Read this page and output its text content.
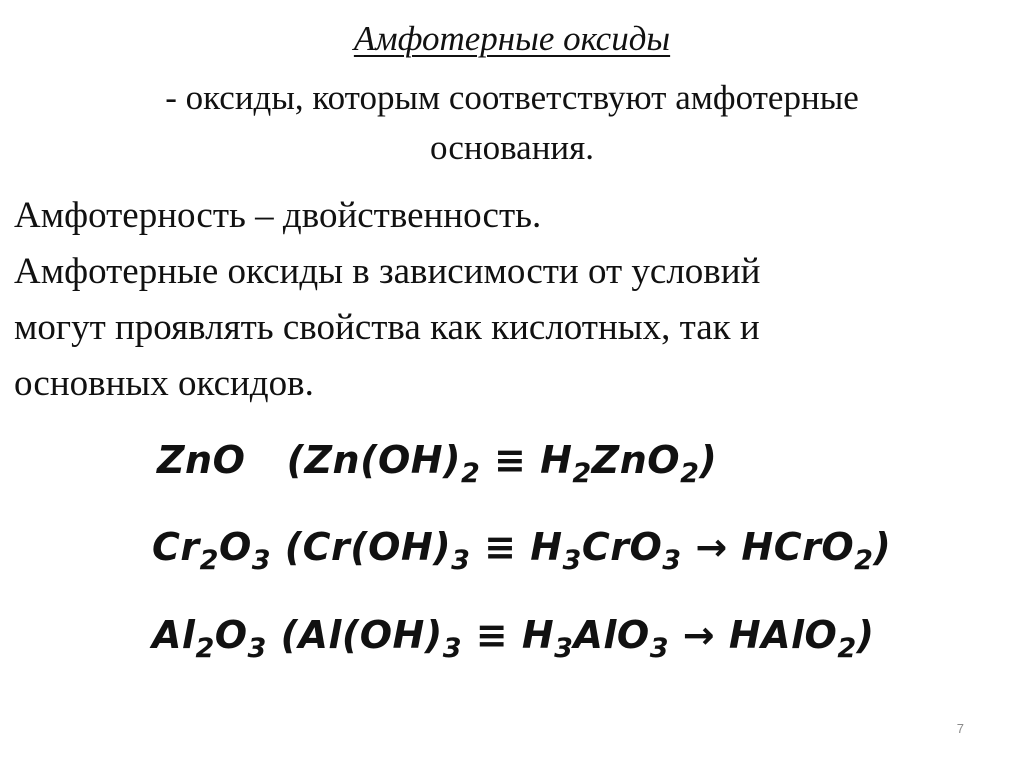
Амфотерные оксиды
- оксиды, которым соответствуют амфотерные
основания.

Амфотерность – двойственность.

Амфотерные оксиды в зависимости от условий

могут проявлять свойства как кислотных, так и

основных оксидов.

ZnO $(Zn(OH)_2 \equiv H_2ZnO_2)$
$Cr_2O_3$ ($Cr(OH)_3 \equiv H_3CrO_3$ → HCrO$_2$)
$Al_2O_3$ ($Al(OH)_3 \equiv H_3AlO_3$ → HAlO$_2$)
7
